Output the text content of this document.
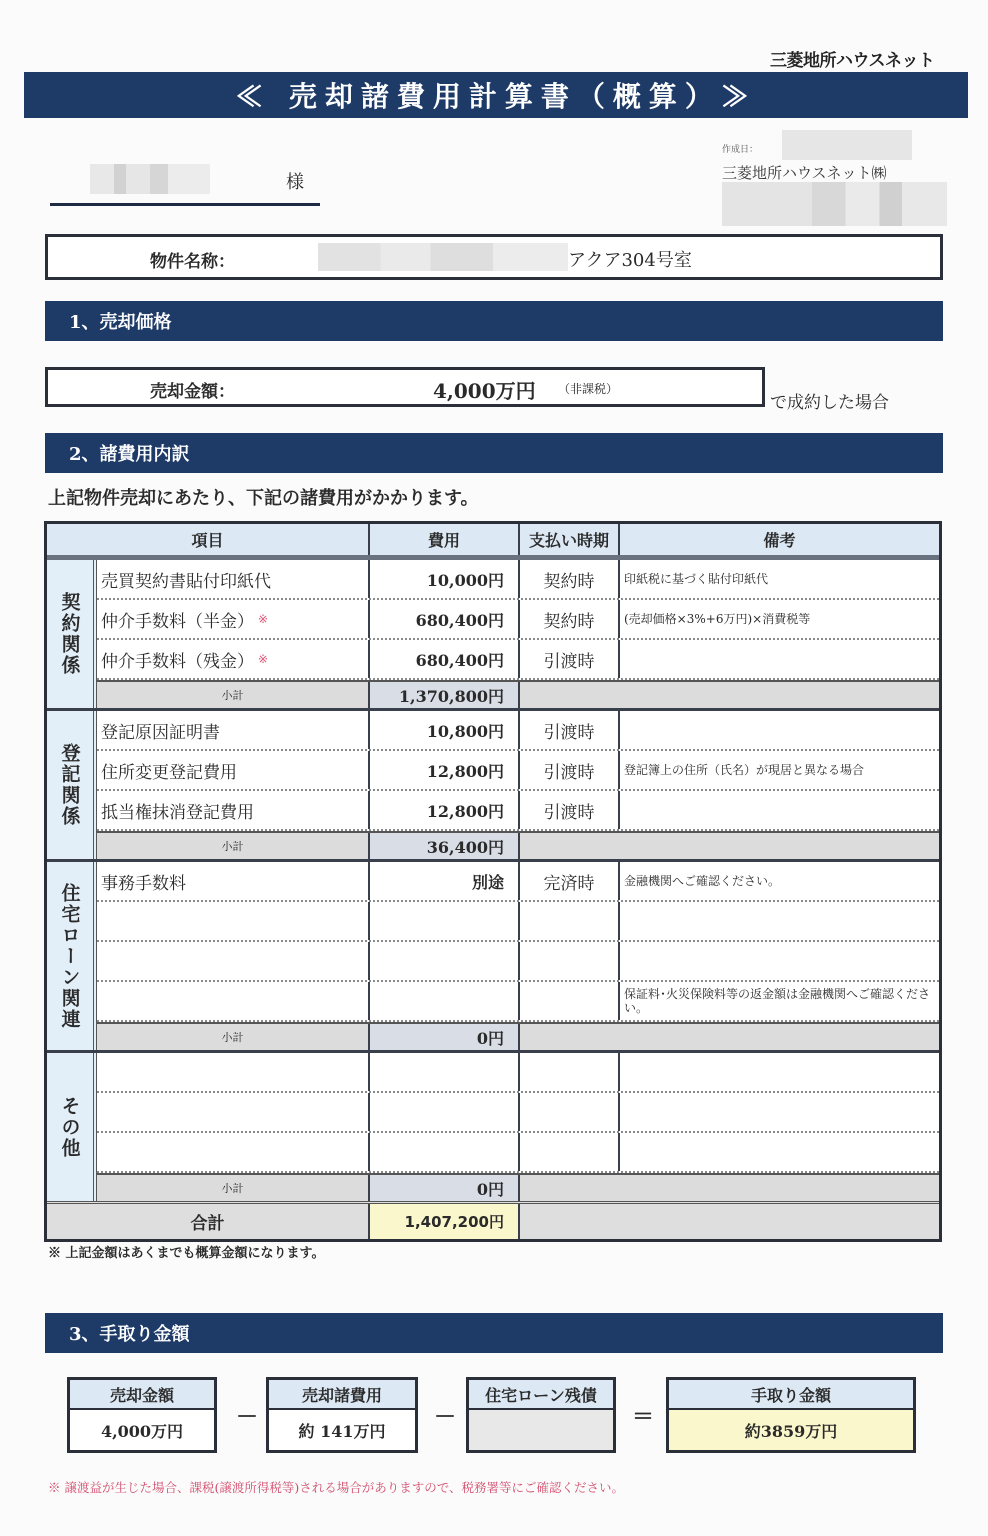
三菱地所ハウスネット
≪ 売却諸費用計算書（概算）≫
様
作成日：
三菱地所ハウスネット㈱
物件名称：	アクア304号室
1、売却価格
売却金額：	4,000万円 （非課税）
で成約した場合
2、諸費用内訳
上記物件売却にあたり、下記の諸費用がかかります。
項目	費用	支払い時期	備考
契約関係
売買契約書貼付印紙代	10,000円	契約時	印紙税に基づく貼付印紙代
仲介手数料（半金） ※	680,400円	契約時	(売却価格×3%+6万円)×消費税等
仲介手数料（残金） ※	680,400円	引渡時
小計	1,370,800円
登記関係
登記原因証明書	10,800円	引渡時
住所変更登記費用	12,800円	引渡時	登記簿上の住所（氏名）が現居と異なる場合
抵当権抹消登記費用	12,800円	引渡時
小計	36,400円
住宅ローン関連	事務手数料	別途	完済時	金融機関へご確認ください。
保証料･火災保険料等の返金額は金融機関へご確認ください。
小計	0円
その他
小計	0円
合計	1,407,200円
※ 上記金額はあくまでも概算金額になります。
3、手取り金額
売却金額
4,000万円
－
売却諸費用
約 141万円
－
住宅ローン残債
＝
手取り金額
約3859万円
※ 譲渡益が生じた場合、課税(譲渡所得税等)される場合がありますので、税務署等にご確認ください。
